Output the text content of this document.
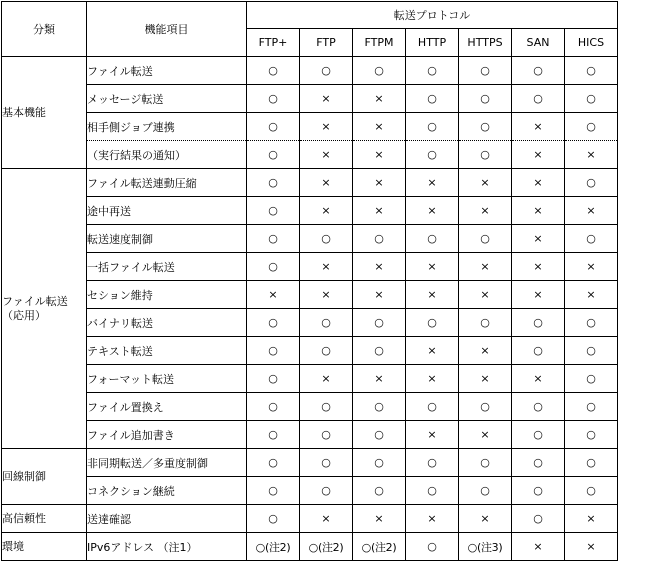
分類	機能項目	転送プロトコル						
		FTP+	FTP	FTPM	HTTP	HTTPS	SAN	HICS
基本機能	ファイル転送	○	○	○	○	○	○	○
	メッセージ転送	○	×	×	○	○	○	○
	相手側ジョブ連携	○	×	×	○	○	×	○
	（実行結果の通知）	○	×	×	○	○	×	×
ファイル転送
（応用）	ファイル転送連動圧縮	○	×	×	×	×	×	○
	途中再送	○	×	×	×	×	×	×
	転送速度制御	○	○	○	○	○	×	○
	一括ファイル転送	○	×	×	×	×	×	×
	セション維持	×	×	×	×	×	×	×
	バイナリ転送	○	○	○	○	○	○	○
	テキスト転送	○	○	○	×	×	○	○
	フォーマット転送	○	×	×	×	×	×	○
	ファイル置換え	○	○	○	○	○	○	○
	ファイル追加書き	○	○	○	×	×	○	○
回線制御	非同期転送／多重度制御	○	○	○	○	○	○	○
	コネクション継続	○	○	○	○	○	○	○
高信頼性	送達確認	○	×	×	×	×	○	×
環境	IPv6アドレス （注1）	○(注2)	○(注2)	○(注2)	○	○(注3)	×	×
